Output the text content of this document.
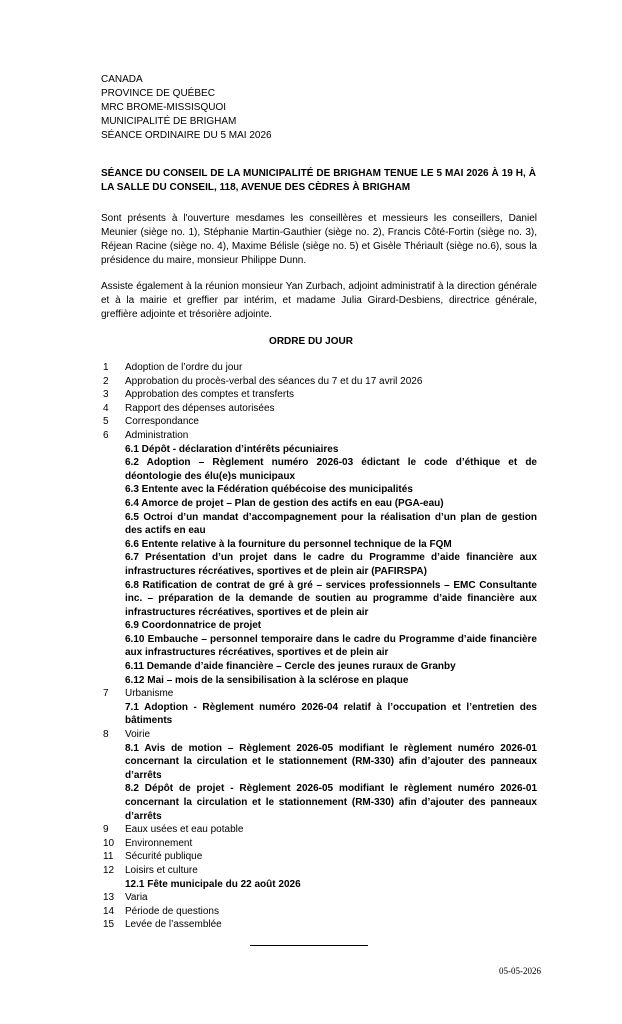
CANADA
PROVINCE DE QUÉBEC
MRC BROME-MISSISQUOI
MUNICIPALITÉ DE BRIGHAM
SÉANCE ORDINAIRE DU 5 MAI 2026
SÉANCE DU CONSEIL DE LA MUNICIPALITÉ DE BRIGHAM TENUE LE 5 MAI 2026 À 19 H, À LA SALLE DU CONSEIL, 118, AVENUE DES CÈDRES À BRIGHAM
Sont présents à l'ouverture mesdames les conseillères et messieurs les conseillers, Daniel Meunier (siège no. 1), Stéphanie Martin-Gauthier (siège no. 2), Francis Côté-Fortin (siège no. 3), Réjean Racine (siège no. 4), Maxime Bélisle (siège no. 5) et Gisèle Thériault (siège no.6), sous la présidence du maire, monsieur Philippe Dunn.
Assiste également à la réunion monsieur Yan Zurbach, adjoint administratif à la direction générale et à la mairie et greffier par intérim, et madame Julia Girard-Desbiens, directrice générale, greffière adjointe et trésorière adjointe.
ORDRE DU JOUR
1	Adoption de l’ordre du jour
2	Approbation du procès-verbal des séances du 7 et du 17 avril 2026
3	Approbation des comptes et transferts
4	Rapport des dépenses autorisées
5	Correspondance
6	Administration
6.1 Dépôt - déclaration d’intérêts pécuniaires
6.2 Adoption – Règlement numéro 2026-03 édictant le code d’éthique et de déontologie des élu(e)s municipaux
6.3 Entente avec la Fédération québécoise des municipalités
6.4 Amorce de projet – Plan de gestion des actifs en eau (PGA-eau)
6.5 Octroi d’un mandat d’accompagnement pour la réalisation d’un plan de gestion des actifs en eau
6.6 Entente relative à la fourniture du personnel technique de la FQM
6.7 Présentation d’un projet dans le cadre du Programme d’aide financière aux infrastructures récréatives, sportives et de plein air (PAFIRSPA)
6.8 Ratification de contrat de gré à gré – services professionnels – EMC Consultante inc. – préparation de la demande de soutien au programme d’aide financière aux infrastructures récréatives, sportives et de plein air
6.9 Coordonnatrice de projet
6.10 Embauche – personnel temporaire dans le cadre du Programme d’aide financière aux infrastructures récréatives, sportives et de plein air
6.11 Demande d’aide financière – Cercle des jeunes ruraux de Granby
6.12 Mai – mois de la sensibilisation à la sclérose en plaque
7	Urbanisme
7.1 Adoption - Règlement numéro 2026-04 relatif à l’occupation et l’entretien des bâtiments
8	Voirie
8.1 Avis de motion – Règlement 2026-05 modifiant le règlement numéro 2026-01 concernant la circulation et le stationnement (RM-330) afin d’ajouter des panneaux d’arrêts
8.2 Dépôt de projet - Règlement 2026-05 modifiant le règlement numéro 2026-01 concernant la circulation et le stationnement (RM-330) afin d’ajouter des panneaux d’arrêts
9	Eaux usées et eau potable
10	Environnement
11	Sécurité publique
12	Loisirs et culture
12.1 Fête municipale du 22 août 2026
13	Varia
14	Période de questions
15	Levée de l’assemblée
05-05-2026
